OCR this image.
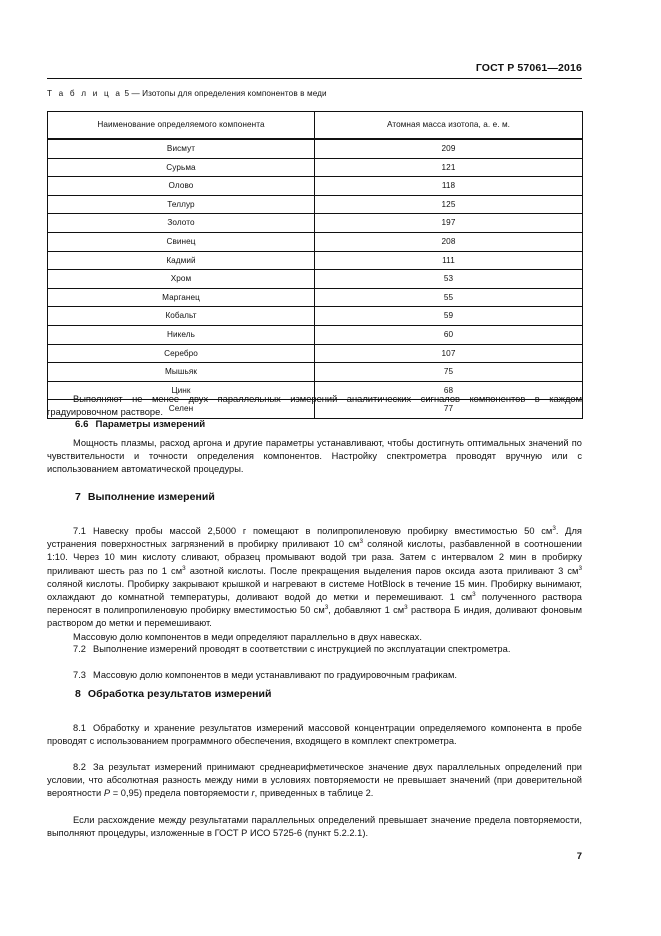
ГОСТ Р 57061—2016
Т а б л и ц а 5 — Изотопы для определения компонентов в меди
Наименование определяемого компонента	Атомная масса изотопа, а. е. м.
Висмут	209
Сурьма	121
Олово	118
Теллур	125
Золото	197
Свинец	208
Кадмий	111
Хром	53
Марганец	55
Кобальт	59
Никель	60
Серебро	107
Мышьяк	75
Цинк	68
Селен	77

Выполняют не менее двух параллельных измерений аналитических сигналов компонентов в каждом градуировочном растворе.

6.6 Параметры измерений

Мощность плазмы, расход аргона и другие параметры устанавливают, чтобы достигнуть оптимальных значений по чувствительности и точности определения компонентов. Настройку спектрометра проводят вручную или с использованием автоматической процедуры.

7 Выполнение измерений

7.1 Навеску пробы массой 2,5000 г помещают в полипропиленовую пробирку вместимостью 50 $см^3$. Для устранения поверхностных загрязнений в пробирку приливают 10 $см^3$ соляной кислоты, разбавленной в соотношении 1:10. Через 10 мин кислоту сливают, образец промывают водой три раза. Затем с интервалом 2 мин в пробирку приливают шесть раз по 1 $см^3$ азотной кислоты. После прекращения выделения паров оксида азота приливают 3 $см^3$ соляной кислоты. Пробирку закрывают крышкой и нагревают в системе HotBlock в течение 15 мин. Пробирку вынимают, охлаждают до комнатной температуры, доливают водой до метки и перемешивают. 1 $см^3$ полученного раствора переносят в полипропиленовую пробирку вместимостью 50 $см^3$, добавляют 1 $см^3$ раствора Б индия, доливают фоновым раствором до метки и перемешивают.

Массовую долю компонентов в меди определяют параллельно в двух навесках.

7.2 Выполнение измерений проводят в соответствии с инструкцией по эксплуатации спектрометра.

7.3 Массовую долю компонентов в меди устанавливают по градуировочным графикам.

8 Обработка результатов измерений

8.1 Обработку и хранение результатов измерений массовой концентрации определяемого компонента в пробе проводят с использованием программного обеспечения, входящего в комплект спектрометра.

8.2 За результат измерений принимают среднеарифметическое значение двух параллельных определений при условии, что абсолютная разность между ними в условиях повторяемости не превышает значений (при доверительной вероятности P = 0,95) предела повторяемости r, приведенных в таблице 2.

Если расхождение между результатами параллельных определений превышает значение предела повторяемости, выполняют процедуры, изложенные в ГОСТ Р ИСО 5725-6 (пункт 5.2.2.1).

7
